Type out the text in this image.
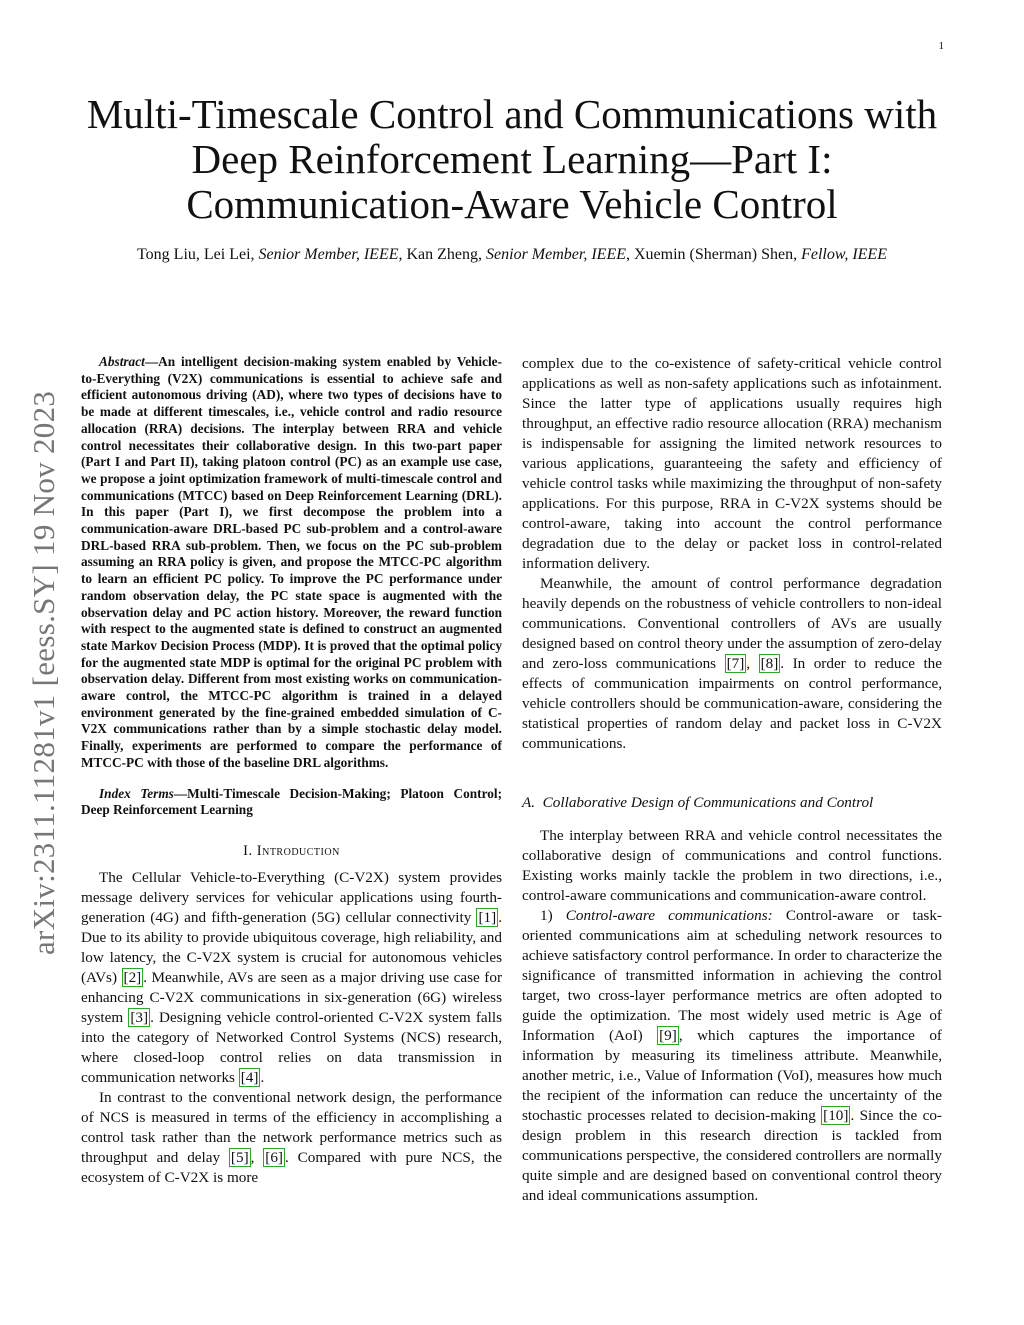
1
arXiv:2311.11281v1 [eess.SY] 19 Nov 2023
Multi-Timescale Control and Communications with
Deep Reinforcement Learning—Part I:
Communication-Aware Vehicle Control
Tong Liu, Lei Lei, Senior Member, IEEE, Kan Zheng, Senior Member, IEEE, Xuemin (Sherman) Shen, Fellow, IEEE

Abstract—An intelligent decision-making system enabled by Vehicle-to-Everything (V2X) communications is essential to achieve safe and efficient autonomous driving (AD), where two types of decisions have to be made at different timescales, i.e., vehicle control and radio resource allocation (RRA) decisions. The interplay between RRA and vehicle control necessitates their collaborative design. In this two-part paper (Part I and Part II), taking platoon control (PC) as an example use case, we propose a joint optimization framework of multi-timescale control and communications (MTCC) based on Deep Reinforcement Learning (DRL). In this paper (Part I), we first decompose the problem into a communication-aware DRL-based PC sub-problem and a control-aware DRL-based RRA sub-problem. Then, we focus on the PC sub-problem assuming an RRA policy is given, and propose the MTCC-PC algorithm to learn an efficient PC policy. To improve the PC performance under random observation delay, the PC state space is augmented with the observation delay and PC action history. Moreover, the reward function with respect to the augmented state is defined to construct an augmented state Markov Decision Process (MDP). It is proved that the optimal policy for the augmented state MDP is optimal for the original PC problem with observation delay. Different from most existing works on communication-aware control, the MTCC-PC algorithm is trained in a delayed environment generated by the fine-grained embedded simulation of C-V2X communications rather than by a simple stochastic delay model. Finally, experiments are performed to compare the performance of MTCC-PC with those of the baseline DRL algorithms.

Index Terms—Multi-Timescale Decision-Making; Platoon Control; Deep Reinforcement Learning

I. Introduction

The Cellular Vehicle-to-Everything (C-V2X) system provides message delivery services for vehicular applications using fourth-generation (4G) and fifth-generation (5G) cellular connectivity [1] . Due to its ability to provide ubiquitous coverage, high reliability, and low latency, the C-V2X system is crucial for autonomous vehicles (AVs) [2] . Meanwhile, AVs are seen as a major driving use case for enhancing C-V2X communications in six-generation (6G) wireless system [3] . Designing vehicle control-oriented C-V2X system falls into the category of Networked Control Systems (NCS) research, where closed-loop control relies on data transmission in communication networks [4] .

In contrast to the conventional network design, the performance of NCS is measured in terms of the efficiency in accomplishing a control task rather than the network performance metrics such as throughput and delay [5] , [6] . Compared with pure NCS, the ecosystem of C-V2X is more

complex due to the co-existence of safety-critical vehicle control applications as well as non-safety applications such as infotainment. Since the latter type of applications usually requires high throughput, an effective radio resource allocation (RRA) mechanism is indispensable for assigning the limited network resources to various applications, guaranteeing the safety and efficiency of vehicle control tasks while maximizing the throughput of non-safety applications. For this purpose, RRA in C-V2X systems should be control-aware, taking into account the control performance degradation due to the delay or packet loss in control-related information delivery.

Meanwhile, the amount of control performance degradation heavily depends on the robustness of vehicle controllers to non-ideal communications. Conventional controllers of AVs are usually designed based on control theory under the assumption of zero-delay and zero-loss communications [7] , [8] . In order to reduce the effects of communication impairments on control performance, vehicle controllers should be communication-aware, considering the statistical properties of random delay and packet loss in C-V2X communications.

A. Collaborative Design of Communications and Control

The interplay between RRA and vehicle control necessitates the collaborative design of communications and control functions. Existing works mainly tackle the problem in two directions, i.e., control-aware communications and communication-aware control.

1) Control-aware communications: Control-aware or task-oriented communications aim at scheduling network resources to achieve satisfactory control performance. In order to characterize the significance of transmitted information in achieving the control target, two cross-layer performance metrics are often adopted to guide the optimization. The most widely used metric is Age of Information (AoI) [9] , which captures the importance of information by measuring its timeliness attribute. Meanwhile, another metric, i.e., Value of Information (VoI), measures how much the recipient of the information can reduce the uncertainty of the stochastic processes related to decision-making [10] . Since the co-design problem in this research direction is tackled from communications perspective, the considered controllers are normally quite simple and are designed based on conventional control theory and ideal communications assumption.
